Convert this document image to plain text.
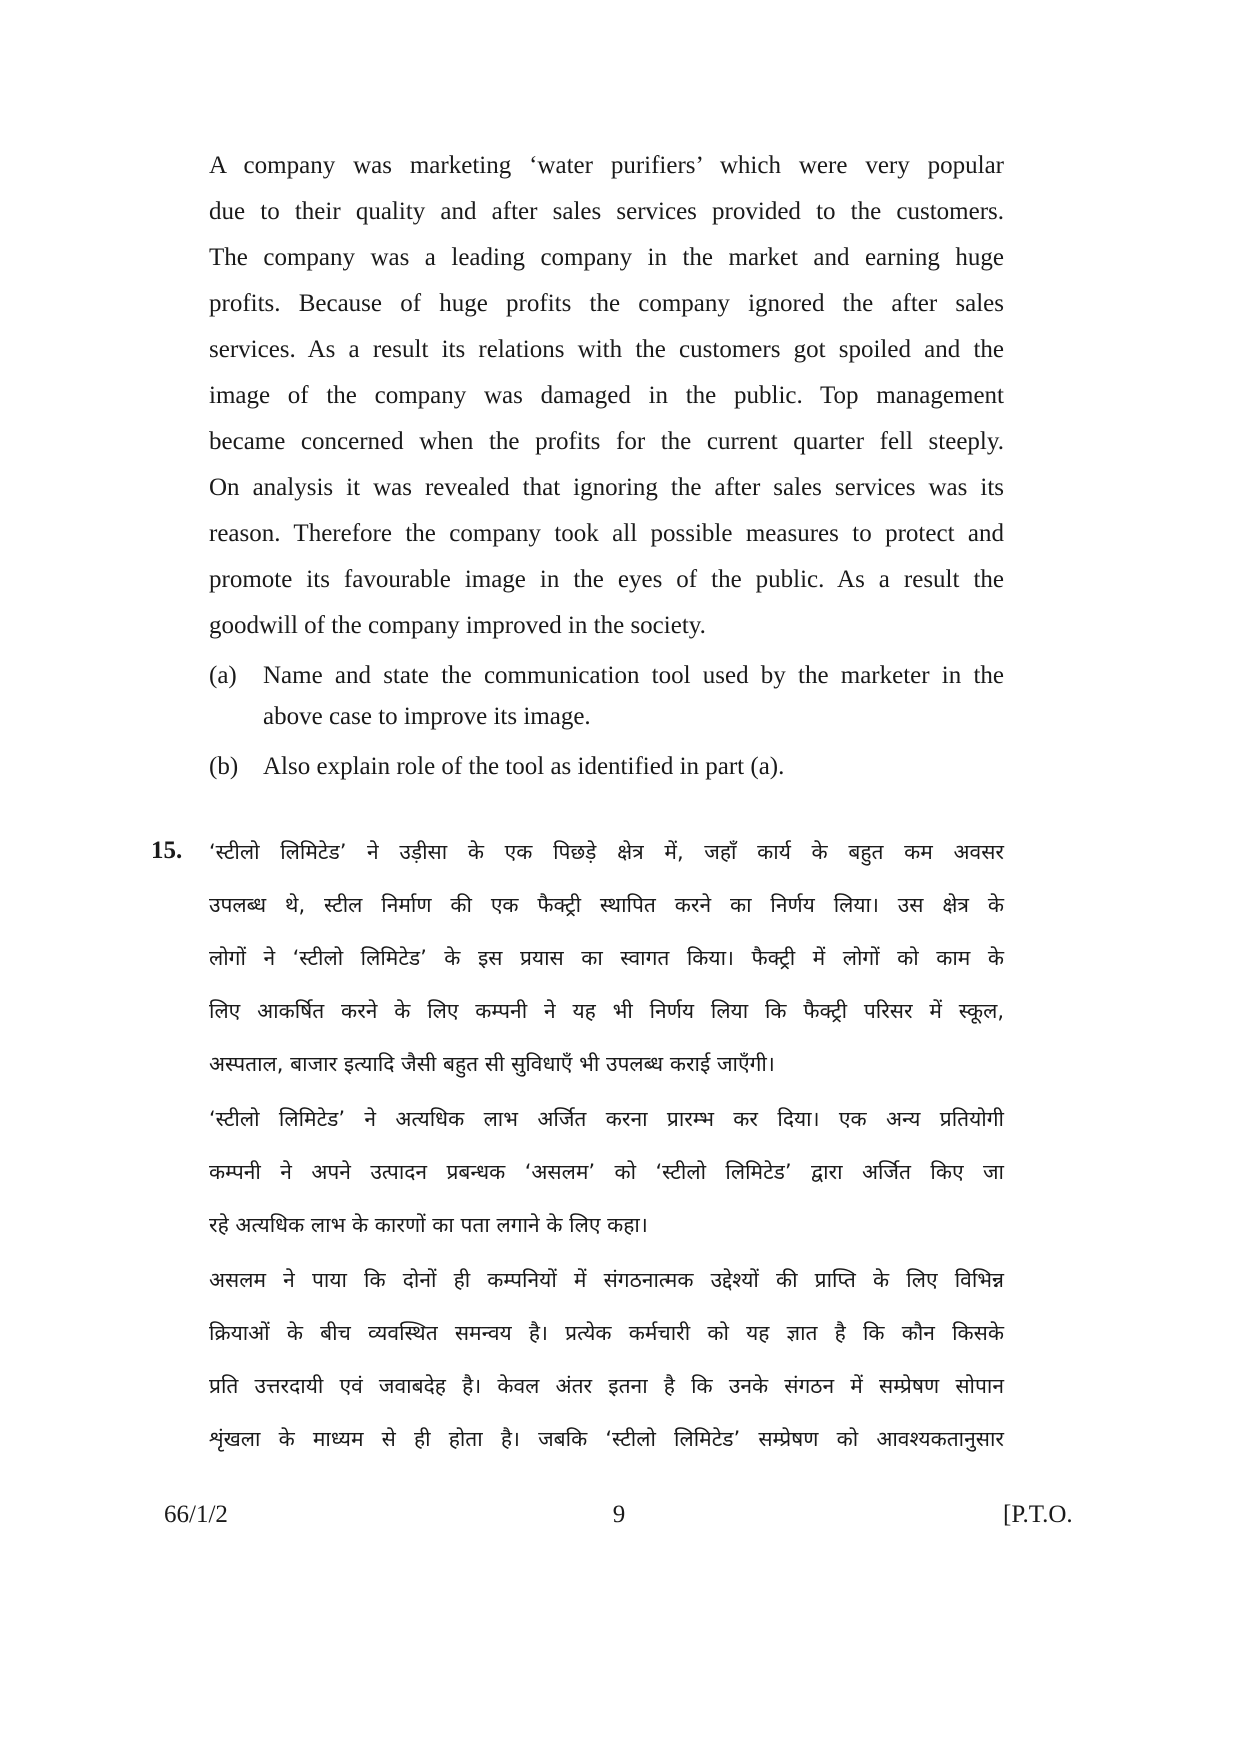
A company was marketing ‘water purifiers’ which were very popular
due to their quality and after sales services provided to the customers.
The company was a leading company in the market and earning huge
profits. Because of huge profits the company ignored the after sales
services. As a result its relations with the customers got spoiled and the
image of the company was damaged in the public. Top management
became concerned when the profits for the current quarter fell steeply.
On analysis it was revealed that ignoring the after sales services was its
reason. Therefore the company took all possible measures to protect and
promote its favourable image in the eyes of the public. As a result the
goodwill of the company improved in the society.

(a) Name and state the communication tool used by the marketer in the
above case to improve its image.
(b) Also explain role of the tool as identified in part (a).
15. ‘स्टीलो लिमिटेड’ ने उड़ीसा के एक पिछड़े क्षेत्र में, जहाँ कार्य के बहुत कम अवसर
उपलब्ध थे, स्टील निर्माण की एक फैक्ट्री स्थापित करने का निर्णय लिया। उस क्षेत्र के
लोगों ने ‘स्टीलो लिमिटेड’ के इस प्रयास का स्वागत किया। फैक्ट्री में लोगों को काम के
लिए आकर्षित करने के लिए कम्पनी ने यह भी निर्णय लिया कि फैक्ट्री परिसर में स्कूल,
अस्पताल, बाजार इत्यादि जैसी बहुत सी सुविधाएँ भी उपलब्ध कराई जाएँगी।

‘स्टीलो लिमिटेड’ ने अत्यधिक लाभ अर्जित करना प्रारम्भ कर दिया। एक अन्य प्रतियोगी
कम्पनी ने अपने उत्पादन प्रबन्धक ‘असलम’ को ‘स्टीलो लिमिटेड’ द्वारा अर्जित किए जा
रहे अत्यधिक लाभ के कारणों का पता लगाने के लिए कहा।

असलम ने पाया कि दोनों ही कम्पनियों में संगठनात्मक उद्देश्यों की प्राप्ति के लिए विभिन्न
क्रियाओं के बीच व्यवस्थित समन्वय है। प्रत्येक कर्मचारी को यह ज्ञात है कि कौन किसके
प्रति उत्तरदायी एवं जवाबदेह है। केवल अंतर इतना है कि उनके संगठन में सम्प्रेषण सोपान
शृंखला के माध्यम से ही होता है। जबकि ‘स्टीलो लिमिटेड’ सम्प्रेषण को आवश्यकतानुसार

66/1/2	9	[P.T.O.
